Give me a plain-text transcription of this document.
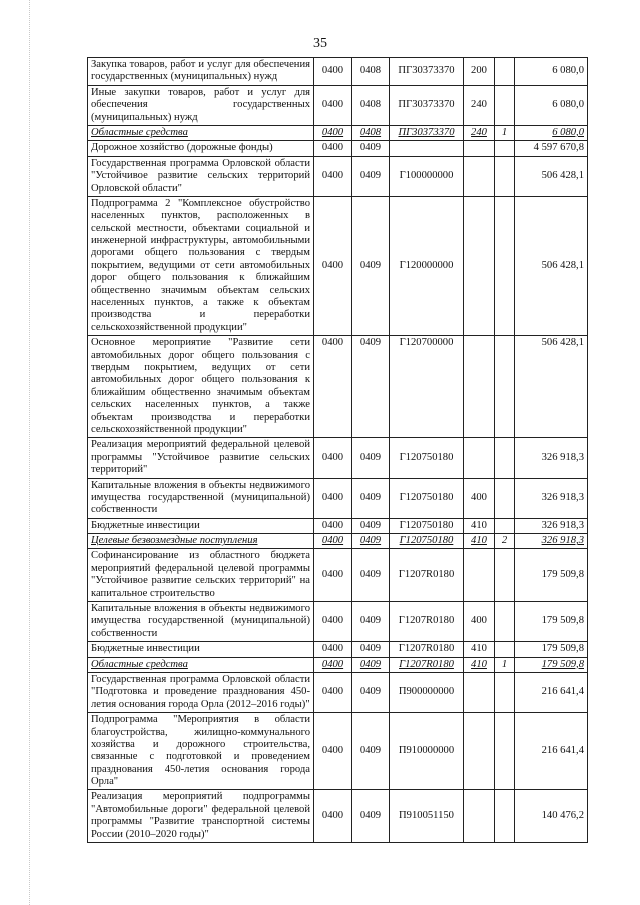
35
Закупка товаров, работ и услуг для обеспечения государственных (муниципальных) нужд	0400	0408	ПГ30373370	200		6 080,0
Иные закупки товаров, работ и услуг для обеспечения государственных (муниципальных) нужд	0400	0408	ПГ30373370	240		6 080,0
Областные средства	0400	0408	ПГ30373370	240	1	6 080,0
Дорожное хозяйство (дорожные фонды)	0400	0409				4 597 670,8
Государственная программа Орловской области "Устойчивое развитие сельских территорий Орловской области"	0400	0409	Г100000000			506 428,1
Подпрограмма 2 "Комплексное обустройство населенных пунктов, расположенных в сельской местности, объектами социальной и инженерной инфраструктуры, автомобильными дорогами общего пользования с твердым покрытием, ведущими от сети автомобильных дорог общего пользования к ближайшим общественно значимым объектам сельских населенных пунктов, а также к объектам производства и переработки сельскохозяйственной продукции"	0400	0409	Г120000000			506 428,1
Основное мероприятие "Развитие сети автомобильных дорог общего пользования с твердым покрытием, ведущих от сети автомобильных дорог общего пользования к ближайшим общественно значимым объектам сельских населенных пунктов, а также объектам производства и переработки сельскохозяйственной продукции"	0400	0409	Г120700000			506 428,1
Реализация мероприятий федеральной целевой программы "Устойчивое развитие сельских территорий"	0400	0409	Г120750180			326 918,3
Капитальные вложения в объекты недвижимого имущества государственной (муниципальной) собственности	0400	0409	Г120750180	400		326 918,3
Бюджетные инвестиции	0400	0409	Г120750180	410		326 918,3
Целевые безвозмездные поступления	0400	0409	Г120750180	410	2	326 918,3
Софинансирование из областного бюджета мероприятий федеральной целевой программы "Устойчивое развитие сельских территорий" на капитальное строительство	0400	0409	Г1207R0180			179 509,8
Капитальные вложения в объекты недвижимого имущества государственной (муниципальной) собственности	0400	0409	Г1207R0180	400		179 509,8
Бюджетные инвестиции	0400	0409	Г1207R0180	410		179 509,8
Областные средства	0400	0409	Г1207R0180	410	1	179 509,8
Государственная программа Орловской области "Подготовка и проведение празднования 450-летия основания города Орла (2012–2016 годы)"	0400	0409	П900000000			216 641,4
Подпрограмма "Мероприятия в области благоустройства, жилищно-коммунального хозяйства и дорожного строительства, связанные с подготовкой и проведением празднования 450-летия основания города Орла"	0400	0409	П910000000			216 641,4
Реализация мероприятий подпрограммы "Автомобильные дороги" федеральной целевой программы "Развитие транспортной системы России (2010–2020 годы)"	0400	0409	П910051150			140 476,2
